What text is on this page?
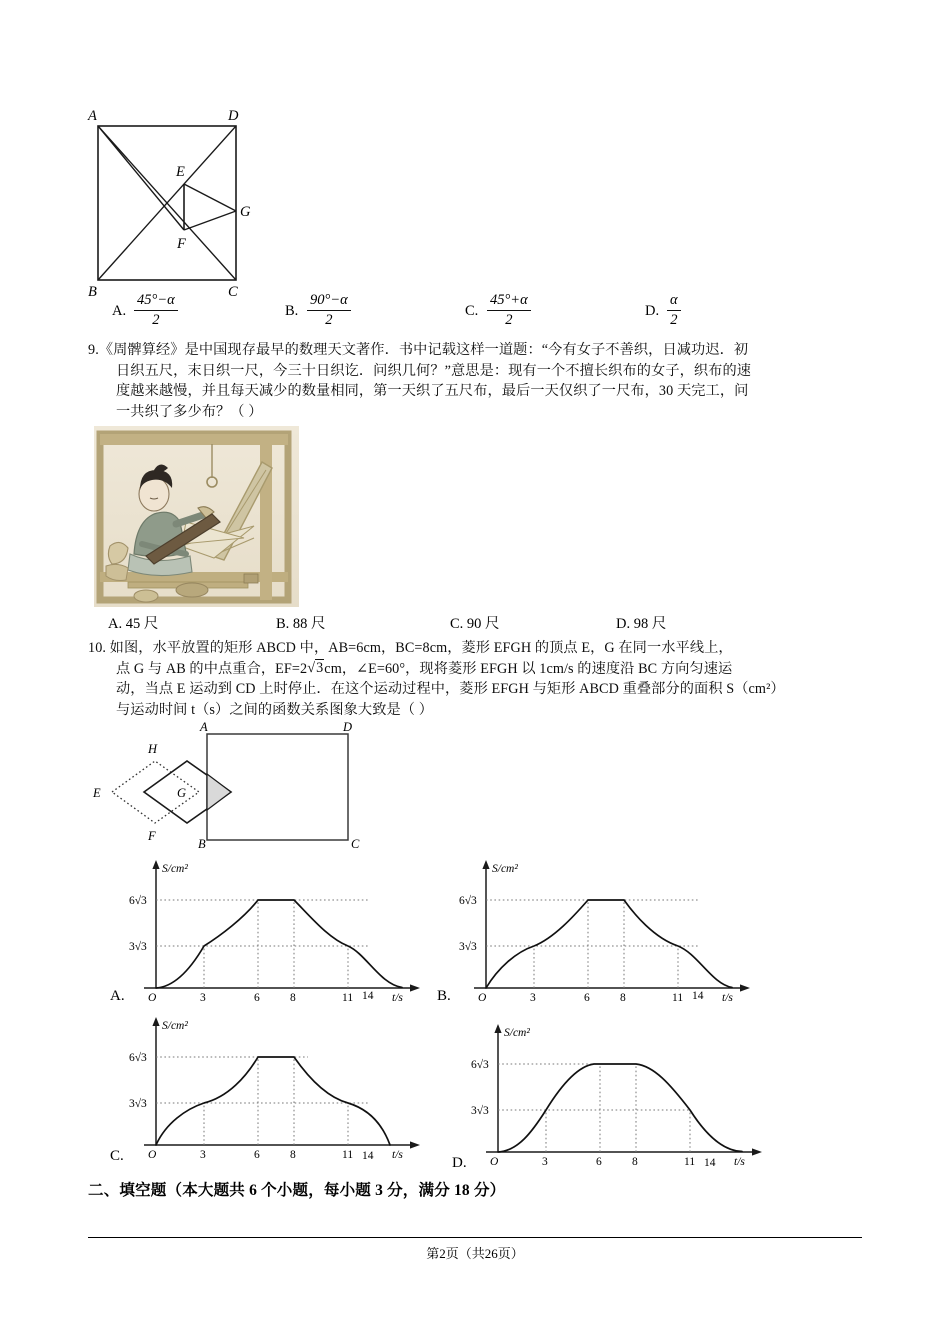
A	D
E
G
F
B	C
A. $\frac{45^\circ-\alpha}{2}$	B. $\frac{90^\circ-\alpha}{2}$	C. $\frac{45^\circ+\alpha}{2}$	D. $\frac{\alpha}{2}$
9.《周髀算经》是中国现存最早的数理天文著作．书中记载这样一道题：“今有女子不善织，日减功迟．初
日织五尺，末日织一尺，今三十日织讫．问织几何？”意思是：现有一个不擅长织布的女子，织布的速
度越来越慢，并且每天减少的数量相同，第一天织了五尺布，最后一天仅织了一尺布，30 天完工，问
一共织了多少布？（ ）
A. 45 尺	B. 88 尺	C. 90 尺	D. 98 尺
10. 如图，水平放置的矩形 ABCD 中，AB=6cm，BC=8cm，菱形 EFGH 的顶点 E，G 在同一水平线上，
点 G 与 AB 的中点重合，EF=2√3cm，∠E=60°，现将菱形 EFGH 以 1cm/s 的速度沿 BC 方向匀速运
动，当点 E 运动到 CD 上时停止．在这个运动过程中，菱形 EFGH 与矩形 ABCD 重叠部分的面积 S（cm²）
与运动时间 t（s）之间的函数关系图象大致是（ ）
A	D
B	C
E
H
F
G
S/cm²
t/s
O
6√3
3√3
3	6	8	11
A.	14
S/cm²
t/s
O
6√3
3√3
3	6	8	11
B.	14
S/cm²
t/s
O
6√3
3√3
3	6	8	11
C.	14
S/cm²
t/s
O
6√3
3√3
3	6	8	11
D.	14
二、填空题（本大题共 6 个小题，每小题 3 分，满分 18 分）
第2页（共26页）
